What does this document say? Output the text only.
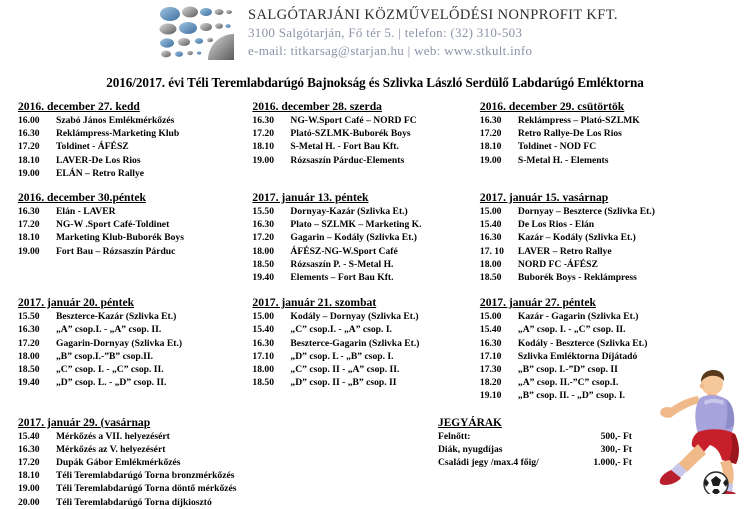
SALGÓTARJÁNI KÖZMŰVELŐDÉSI NONPROFIT KFT.
3100 Salgótarján, Fő tér 5. | telefon: (32) 310-503
e-mail: titkarsag@starjan.hu | web: www.stkult.info
2016/2017. évi Téli Teremlabdarúgó Bajnokság és Szlivka László Serdülő Labdarúgó Emléktorna
2016. december 27. kedd
16.00	Szabó János Emlékmérkőzés
16.30	Reklámpress-Marketing Klub
17.20	Toldinet - ÁFÉSZ
18.10	LAVER-De Los Rios
19.00	ELÁN – Retro Rallye
2016. december 28. szerda
16.30	NG-W.Sport Café – NORD FC
17.20	Plató-SZLMK-Buborék Boys
18.10	S-Metal H. - Fort Bau Kft.
19.00	Rózsaszín Párduc-Elements
2016. december 29. csütörtök
16.30	Reklámpress – Plató-SZLMK
17.20	Retro Rallye-De Los Rios
18.10	Toldinet - NOD FC
19.00	S-Metal H. - Elements
2016. december 30.péntek
16.30	Elán - LAVER
17.20	NG-W .Sport Café-Toldinet
18.10	Marketing Klub-Buborék Boys
19.00	Fort Bau – Rózsaszín Párduc
2017. január 13. péntek
15.50	Dornyay-Kazár (Szlivka Et.)
16.30	Plato – SZLMK – Marketing K.
17.20	Gagarin – Kodály (Szlivka Et.)
18.00	ÁFÉSZ-NG-W.Sport Café
18.50	Rózsaszín P. - S-Metal H.
19.40	Elements – Fort Bau Kft.
2017. január 15. vasárnap
15.00	Dornyay – Beszterce (Szlivka Et.)
15.40	De Los Rios - Elán
16.30	Kazár – Kodály (Szlivka Et.)
17. 10	LAVER – Retro Rallye
18.00	NORD FC -ÁFÉSZ
18.50	Buborék Boys - Reklámpress
2017. január 20. péntek
15.50	Beszterce-Kazár (Szlivka Et.)
16.30	„A” csop.I. - „A” csop. II.
17.20	Gagarin-Dornyay (Szlivka Et.)
18.00	„B” csop.I.-”B” csop.II.
18.50	„C” csop. I. - „C” csop. II.
19.40	„D” csop. L. - „D” csop. II.
2017. január 21. szombat
15.00	Kodály – Dornyay (Szlivka Et.)
15.40	„C” csop.I. - „A” csop. I.
16.30	Beszterce-Gagarin (Szlivka Et.)
17.10	„D” csop. L - „B” csop. I.
18.00	„C” csop. II - „A” csop. II.
18.50	„D” csop. II - „B” csop. II
2017. január 27. péntek
15.00	Kazár - Gagarin (Szlivka Et.)
15.40	„A” csop. I. - „C” csop. II.
16.30	Kodály - Beszterce (Szlivka Et.)
17.10	Szlivka Emléktorna Díjátadó
17.30	„B” csop. I.-”D” csop. II
18.20	„A” csop. II.-”C” csop.I.
19.10	„B” csop. II. - „D” csop. I.
2017. január 29. (vasárnap
15.40	Mérkőzés a VII. helyezésért
16.30	Mérkőzés az V. helyezésért
17.20	Dupák Gábor Emlékmérkőzés
18.10	Téli Teremlabdarúgó Torna bronzmérkőzés
19.00	Téli Teremlabdarúgó Torna döntő mérkőzés
20.00	Téli Teremlabdarúgó Torna díjkiosztó
JEGYÁRAK
Felnőtt:	500,- Ft
Diák, nyugdíjas	300,- Ft
Családi jegy /max.4 főig/	1.000,- Ft
